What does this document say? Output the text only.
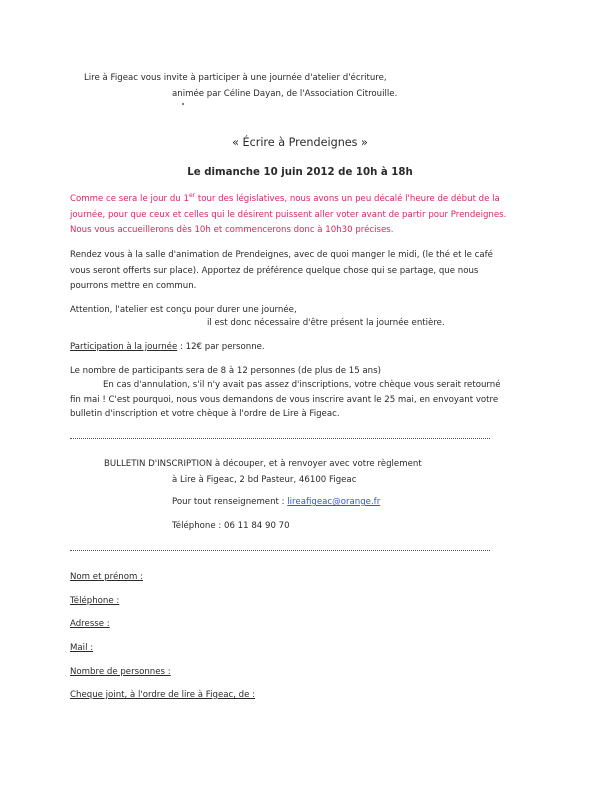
Lire à Figeac vous invite à participer à une journée d'atelier d'écriture,
animée par Céline Dayan, de l'Association Citrouille.
« Écrire à Prendeignes »
Le dimanche 10 juin 2012 de 10h à 18h
Comme ce sera le jour du 1er tour des législatives, nous avons un peu décalé l'heure de début de la
journée, pour que ceux et celles qui le désirent puissent aller voter avant de partir pour Prendeignes.
Nous vous accueillerons dès 10h et commencerons donc à 10h30 précises.
Rendez vous à la salle d'animation de Prendeignes, avec de quoi manger le midi, (le thé et le café
vous seront offerts sur place). Apportez de préférence quelque chose qui se partage, que nous
pourrons mettre en commun.
Attention, l'atelier est conçu pour durer une journée,
il est donc nécessaire d'être présent la journée entière.
Participation à la journée : 12€ par personne.
Le nombre de participants sera de 8 à 12 personnes (de plus de 15 ans)
En cas d'annulation, s'il n'y avait pas assez d'inscriptions, votre chèque vous serait retourné
fin mai ! C'est pourquoi, nous vous demandons de vous inscrire avant le 25 mai, en envoyant votre
bulletin d'inscription et votre chèque à l'ordre de Lire à Figeac.
BULLETIN D'INSCRIPTION à découper, et à renvoyer avec votre règlement
à Lire à Figeac, 2 bd Pasteur, 46100 Figeac
Pour tout renseignement : lireafigeac@orange.fr
Téléphone : 06 11 84 90 70
Nom et prénom :
Téléphone :
Adresse :
Mail :
Nombre de personnes :
Cheque joint, à l'ordre de lire à Figeac, de :
